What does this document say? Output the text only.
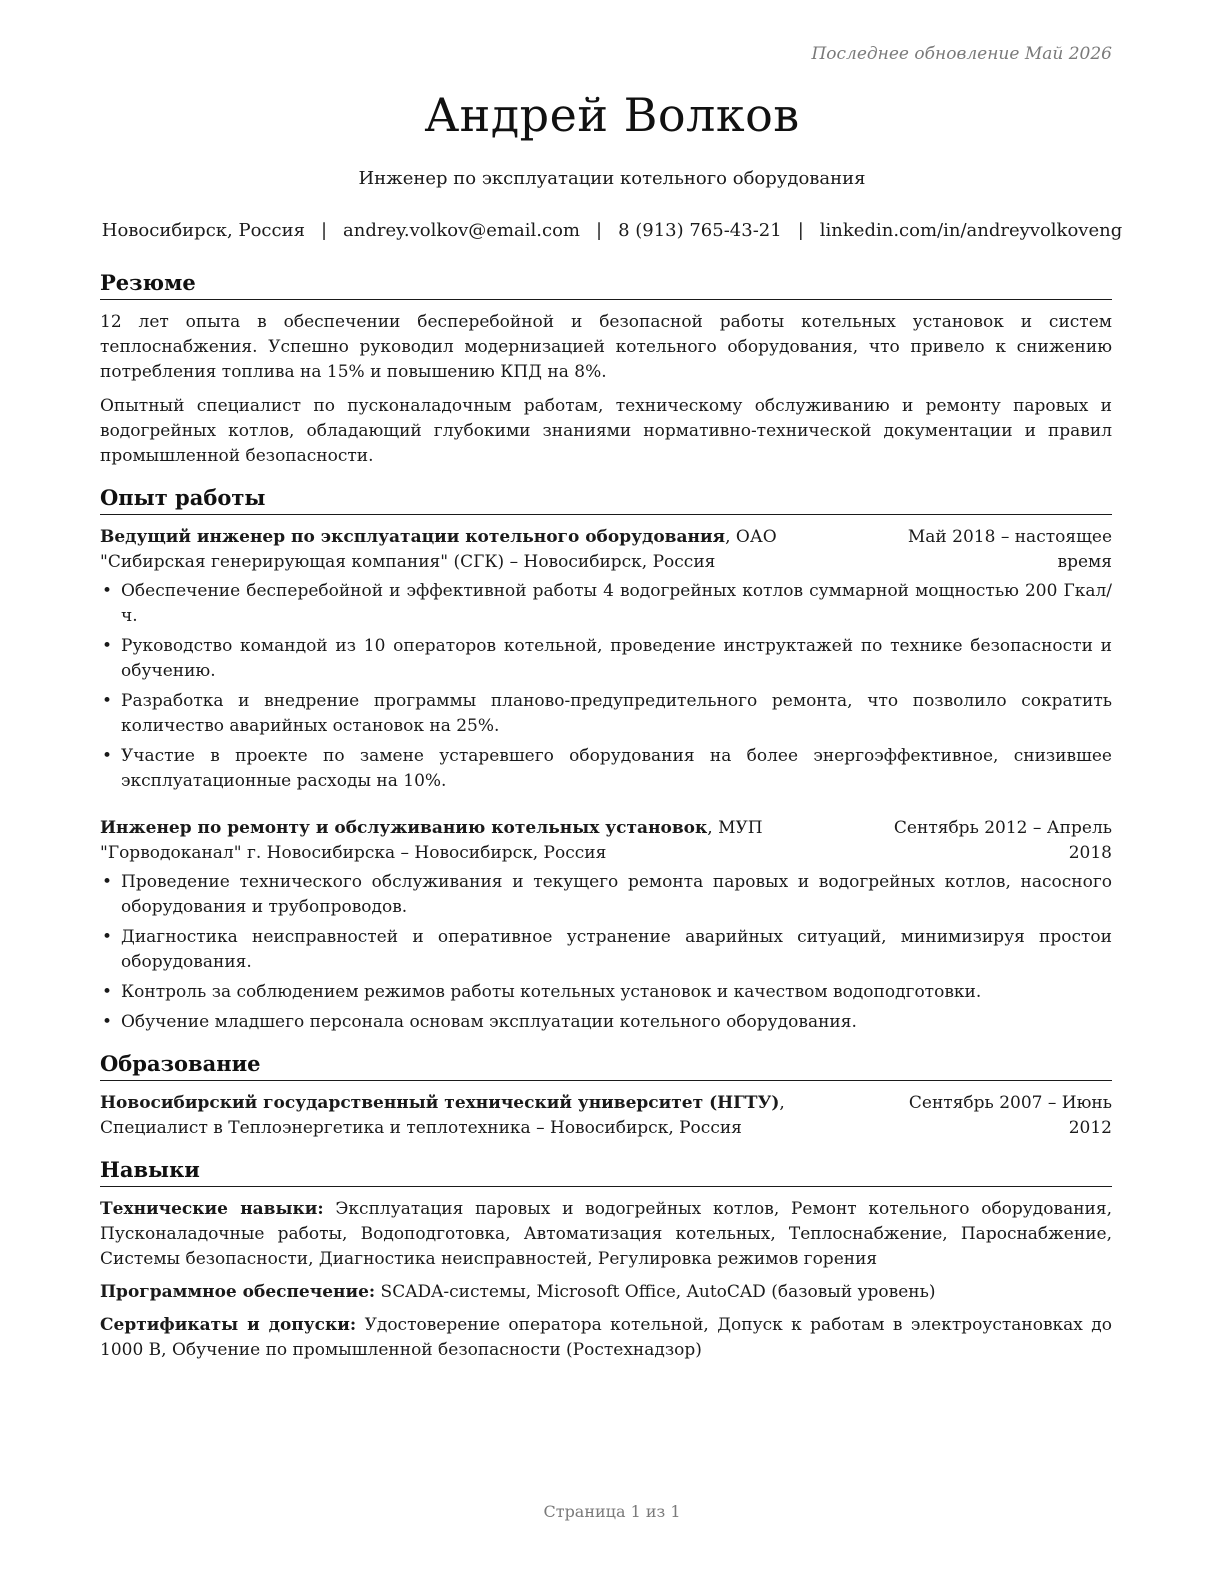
Последнее обновление Май 2026
Андрей Волков
Инженер по эксплуатации котельного оборудования
Новосибирск, Россия | andrey.volkov@email.com | 8 (913) 765-43-21 | linkedin.com/in/andreyvolkoveng
Резюме

12 лет опыта в обеспечении бесперебойной и безопасной работы котельных установок и систем теплоснабжения. Успешно руководил модернизацией котельного оборудования, что привело к снижению потребления топлива на 15% и повышению КПД на 8%.

Опытный специалист по пусконаладочным работам, техническому обслуживанию и ремонту паровых и водогрейных котлов, обладающий глубокими знаниями нормативно-технической документации и правил промышленной безопасности.

Опыт работы
Ведущий инженер по эксплуатации котельного оборудования, ОАО "Сибирская генерирующая компания" (СГК) – Новосибирск, Россия
Май 2018 – настоящее время
• Обеспечение бесперебойной и эффективной работы 4 водогрейных котлов суммарной мощностью 200 Гкал/ч.
• Руководство командой из 10 операторов котельной, проведение инструктажей по технике безопасности и обучению.
• Разработка и внедрение программы планово-предупредительного ремонта, что позволило сократить количество аварийных остановок на 25%.
• Участие в проекте по замене устаревшего оборудования на более энергоэффективное, снизившее эксплуатационные расходы на 10%.
Инженер по ремонту и обслуживанию котельных установок, МУП "Горводоканал" г. Новосибирска – Новосибирск, Россия
Сентябрь 2012 – Апрель 2018
• Проведение технического обслуживания и текущего ремонта паровых и водогрейных котлов, насосного оборудования и трубопроводов.
• Диагностика неисправностей и оперативное устранение аварийных ситуаций, минимизируя простои оборудования.
• Контроль за соблюдением режимов работы котельных установок и качеством водоподготовки.
• Обучение младшего персонала основам эксплуатации котельного оборудования.
Образование
Новосибирский государственный технический университет (НГТУ), Специалист в Теплоэнергетика и теплотехника – Новосибирск, Россия
Сентябрь 2007 – Июнь 2012
Навыки

Технические навыки: Эксплуатация паровых и водогрейных котлов, Ремонт котельного оборудования, Пусконаладочные работы, Водоподготовка, Автоматизация котельных, Теплоснабжение, Пароснабжение, Системы безопасности, Диагностика неисправностей, Регулировка режимов горения

Программное обеспечение: SCADA-системы, Microsoft Office, AutoCAD (базовый уровень)

Сертификаты и допуски: Удостоверение оператора котельной, Допуск к работам в электроустановках до 1000 В, Обучение по промышленной безопасности (Ростехнадзор)

Страница 1 из 1
